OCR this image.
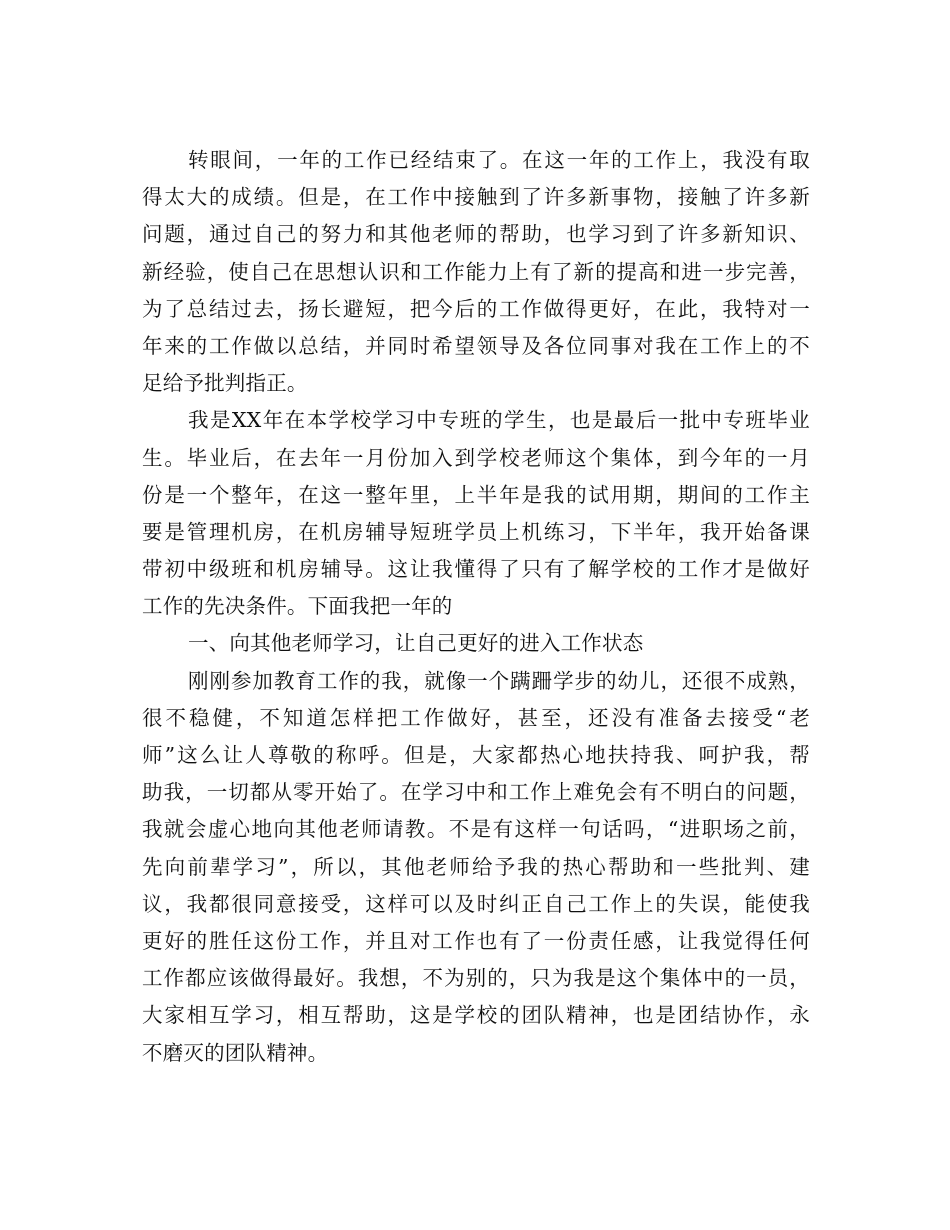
转眼间，一年的工作已经结束了。在这一年的工作上，我没有取
得太大的成绩。但是，在工作中接触到了许多新事物，接触了许多新
问题，通过自己的努力和其他老师的帮助，也学习到了许多新知识、
新经验，使自己在思想认识和工作能力上有了新的提高和进一步完善，
为了总结过去，扬长避短，把今后的工作做得更好，在此，我特对一
年来的工作做以总结，并同时希望领导及各位同事对我在工作上的不
足给予批判指正。
我是XX年在本学校学习中专班的学生，也是最后一批中专班毕业
生。毕业后，在去年一月份加入到学校老师这个集体，到今年的一月
份是一个整年，在这一整年里，上半年是我的试用期，期间的工作主
要是管理机房，在机房辅导短班学员上机练习，下半年，我开始备课
带初中级班和机房辅导。这让我懂得了只有了解学校的工作才是做好
工作的先决条件。下面我把一年的
一、向其他老师学习，让自己更好的进入工作状态
刚刚参加教育工作的我，就像一个蹒跚学步的幼儿，还很不成熟，
很不稳健，不知道怎样把工作做好，甚至，还没有准备去接受“老
师”这么让人尊敬的称呼。但是，大家都热心地扶持我、呵护我，帮
助我，一切都从零开始了。在学习中和工作上难免会有不明白的问题，
我就会虚心地向其他老师请教。不是有这样一句话吗，“进职场之前，
先向前辈学习”，所以，其他老师给予我的热心帮助和一些批判、建
议，我都很同意接受，这样可以及时纠正自己工作上的失误，能使我
更好的胜任这份工作，并且对工作也有了一份责任感，让我觉得任何
工作都应该做得最好。我想，不为别的，只为我是这个集体中的一员，
大家相互学习，相互帮助，这是学校的团队精神，也是团结协作，永
不磨灭的团队精神。
